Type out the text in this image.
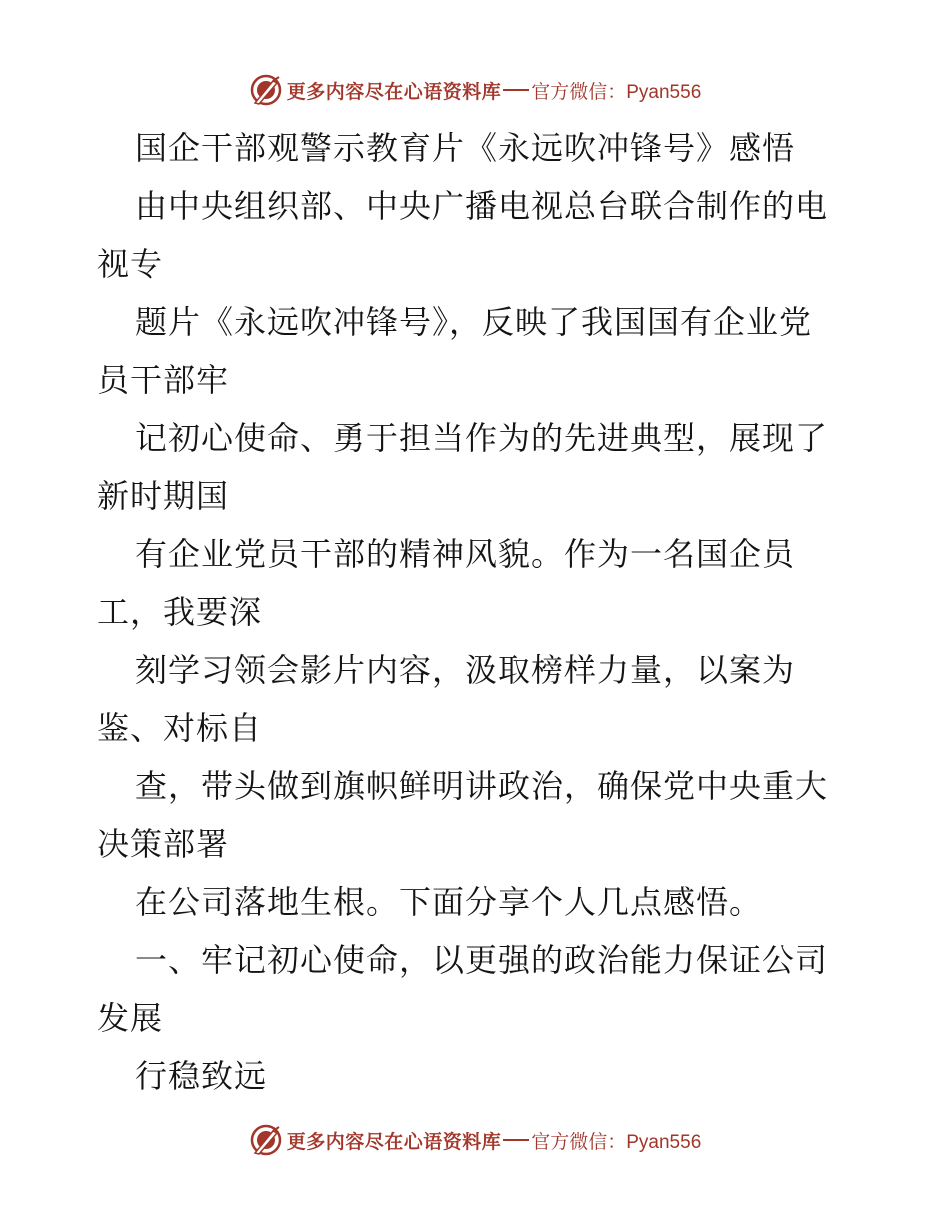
更多内容尽在心语资料库 官方微信：Pyan556
国企干部观警示教育片《永远吹冲锋号》感悟
由中央组织部、中央广播电视总台联合制作的电
视专
题片《永远吹冲锋号》，反映了我国国有企业党
员干部牢
记初心使命、勇于担当作为的先进典型，展现了
新时期国
有企业党员干部的精神风貌。作为一名国企员
工，我要深
刻学习领会影片内容，汲取榜样力量，以案为
鉴、对标自
查，带头做到旗帜鲜明讲政治，确保党中央重大
决策部署
在公司落地生根。下面分享个人几点感悟。
一、牢记初心使命，以更强的政治能力保证公司
发展
行稳致远
更多内容尽在心语资料库 官方微信：Pyan556
